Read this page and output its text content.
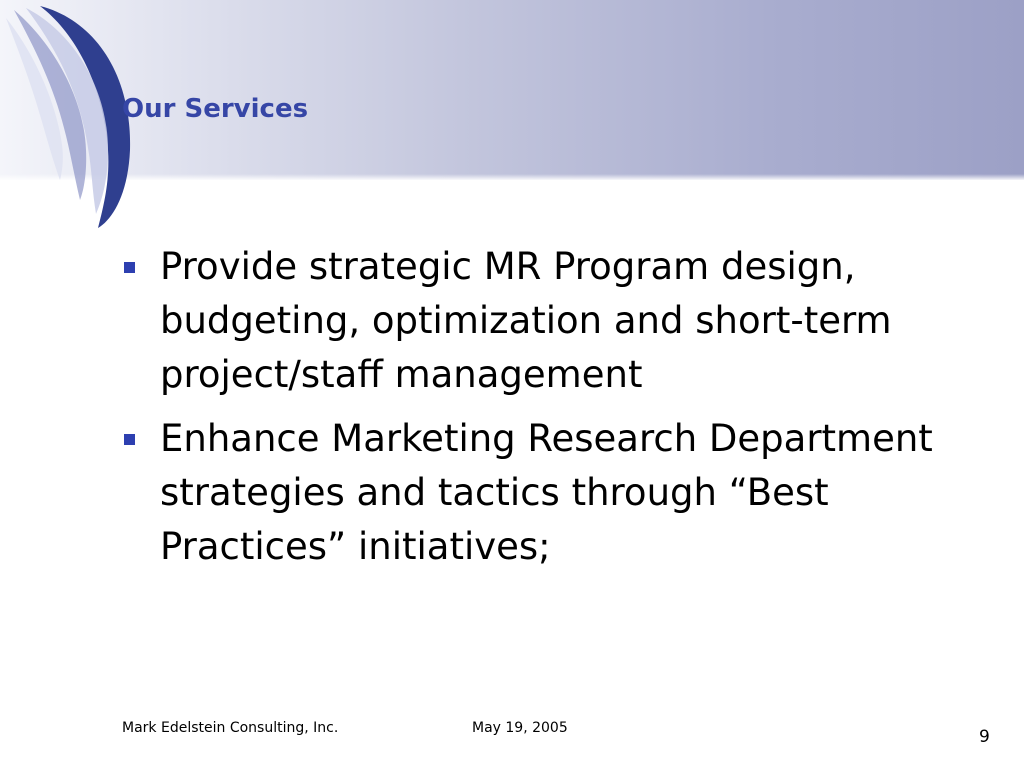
Our Services
Provide strategic MR Program design, budgeting, optimization and short-term project/staff management
Enhance Marketing Research Department strategies and tactics through “Best Practices” initiatives;

Mark Edelstein Consulting, Inc.	May 19, 2005	9
